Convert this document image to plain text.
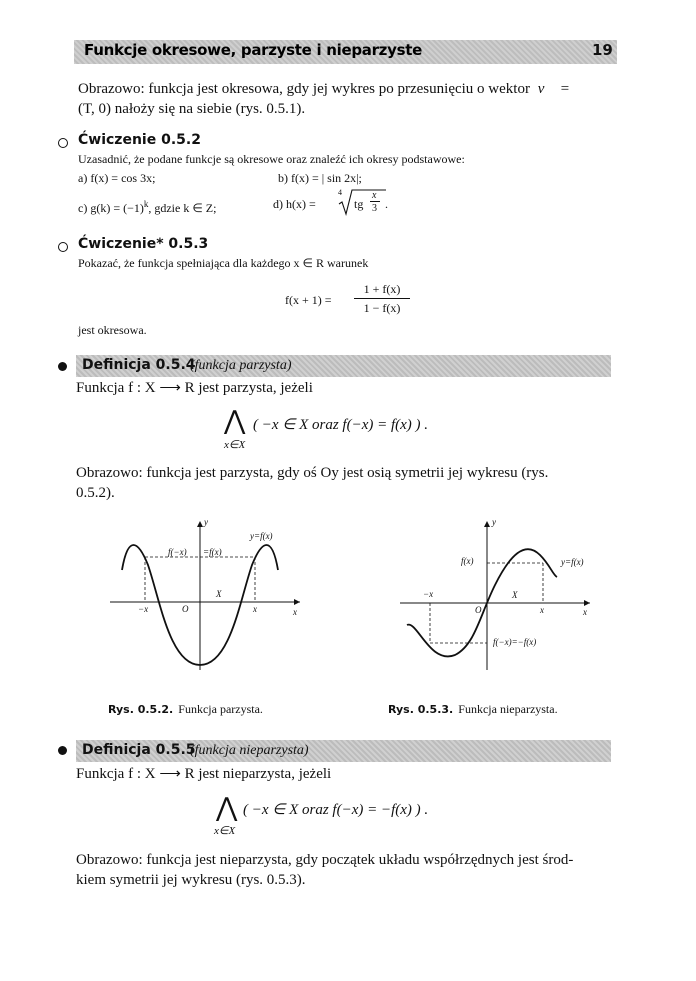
Funkcje okresowe, parzyste i nieparzyste	19
Obrazowo: funkcja jest okresowa, gdy jej wykres po przesunięciu o wektor v⃗ =
(T, 0) nałoży się na siebie (rys. 0.5.1).
Ćwiczenie 0.5.2
Uzasadnić, że podane funkcje są okresowe oraz znaleźć ich okresy podstawowe:
a) f(x) = cos 3x;	b) f(x) = | sin 2x|;
c) $g(k) = (-1)^k$, gdzie k ∈ Z;	d) h(x) =
4
tg
x
3 .
Ćwiczenie* 0.5.3
Pokazać, że funkcja spełniająca dla każdego x ∈ R warunek
f(x + 1) =
1 + f(x)
1 − f(x)
jest okresowa.
Definicja 0.5.4
(funkcja parzysta)
Funkcja f : X ⟶ R jest parzysta, jeżeli
⋀
x∈X
( −x ∈ X oraz f(−x) = f(x) ) .
Obrazowo: funkcja jest parzysta, gdy oś Oy jest osią symetrii jej wykresu (rys.
0.5.2).
y
y=f(x)
f(−x) =f(x)
X
−x	O	x	x
Rys. 0.5.2. Funkcja parzysta.
y
f(x)	y=f(x)
−x	X
O	x	x
f(−x)=−f(x)
Rys. 0.5.3. Funkcja nieparzysta.
Definicja 0.5.5
(funkcja nieparzysta)
Funkcja f : X ⟶ R jest nieparzysta, jeżeli
⋀
x∈X
( −x ∈ X oraz f(−x) = −f(x) ) .
Obrazowo: funkcja jest nieparzysta, gdy początek układu współrzędnych jest środ-
kiem symetrii jej wykresu (rys. 0.5.3).
